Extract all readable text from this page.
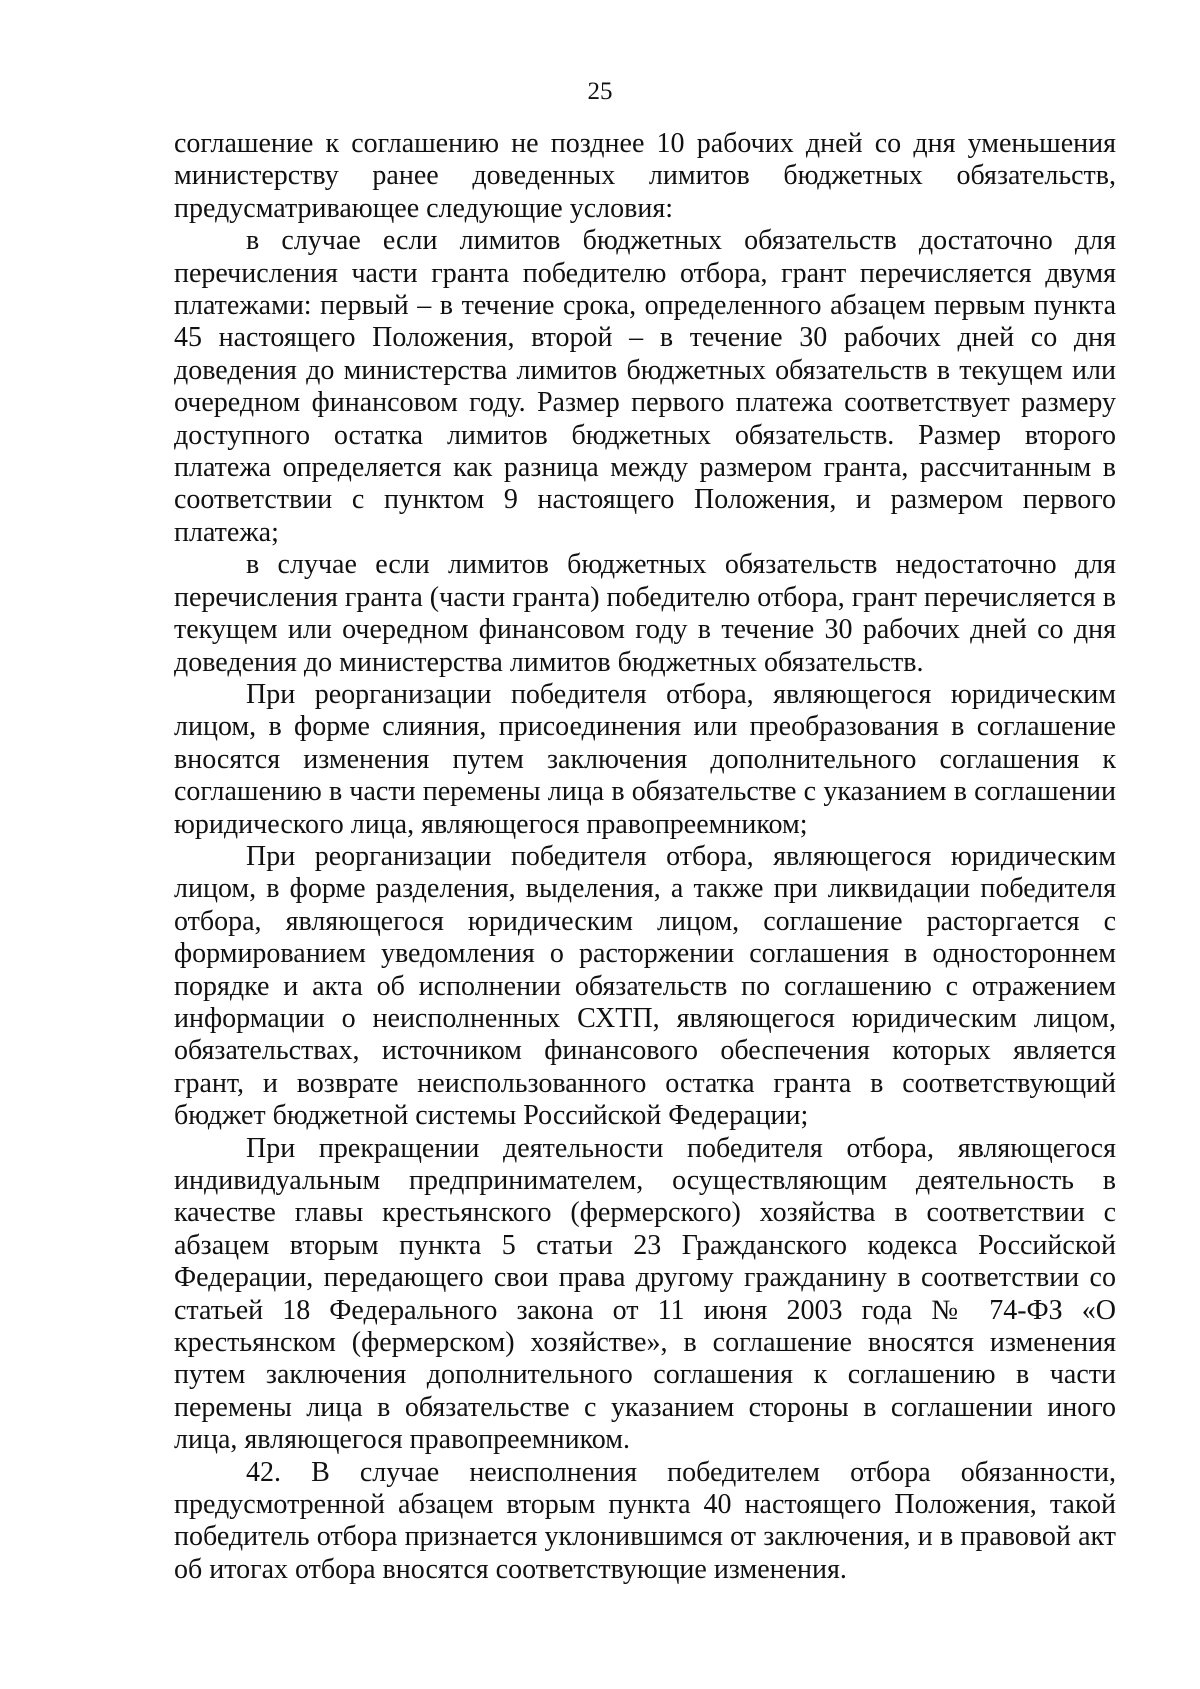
25

соглашение к соглашению не позднее 10 рабочих дней со дня уменьшения министерству ранее доведенных лимитов бюджетных обязательств, предусматривающее следующие условия:

в случае если лимитов бюджетных обязательств достаточно для перечисления части гранта победителю отбора, грант перечисляется двумя платежами: первый – в течение срока, определенного абзацем первым пункта 45 настоящего Положения, второй – в течение 30 рабочих дней со дня доведения до министерства лимитов бюджетных обязательств в текущем или очередном финансовом году. Размер первого платежа соответствует размеру доступного остатка лимитов бюджетных обязательств. Размер второго платежа определяется как разница между размером гранта, рассчитанным в соответствии с пунктом 9 настоящего Положения, и размером первого платежа;

в случае если лимитов бюджетных обязательств недостаточно для перечисления гранта (части гранта) победителю отбора, грант перечисляется в текущем или очередном финансовом году в течение 30 рабочих дней со дня доведения до министерства лимитов бюджетных обязательств.

При реорганизации победителя отбора, являющегося юридическим лицом, в форме слияния, присоединения или преобразования в соглашение вносятся изменения путем заключения дополнительного соглашения к соглашению в части перемены лица в обязательстве с указанием в соглашении юридического лица, являющегося правопреемником;

При реорганизации победителя отбора, являющегося юридическим лицом, в форме разделения, выделения, а также при ликвидации победителя отбора, являющегося юридическим лицом, соглашение расторгается с формированием уведомления о расторжении соглашения в одностороннем порядке и акта об исполнении обязательств по соглашению с отражением информации о неисполненных СХТП, являющегося юридическим лицом, обязательствах, источником финансового обеспечения которых является грант, и возврате неиспользованного остатка гранта в соответствующий бюджет бюджетной системы Российской Федерации;

При прекращении деятельности победителя отбора, являющегося индивидуальным предпринимателем, осуществляющим деятельность в качестве главы крестьянского (фермерского) хозяйства в соответствии с абзацем вторым пункта 5 статьи 23 Гражданского кодекса Российской Федерации, передающего свои права другому гражданину в соответствии со статьей 18 Федерального закона от 11 июня 2003 года № 74-ФЗ «О крестьянском (фермерском) хозяйстве», в соглашение вносятся изменения путем заключения дополнительного соглашения к соглашению в части перемены лица в обязательстве с указанием стороны в соглашении иного лица, являющегося правопреемником.

42. В случае неисполнения победителем отбора обязанности, предусмотренной абзацем вторым пункта 40 настоящего Положения, такой победитель отбора признается уклонившимся от заключения, и в правовой акт об итогах отбора вносятся соответствующие изменения.
